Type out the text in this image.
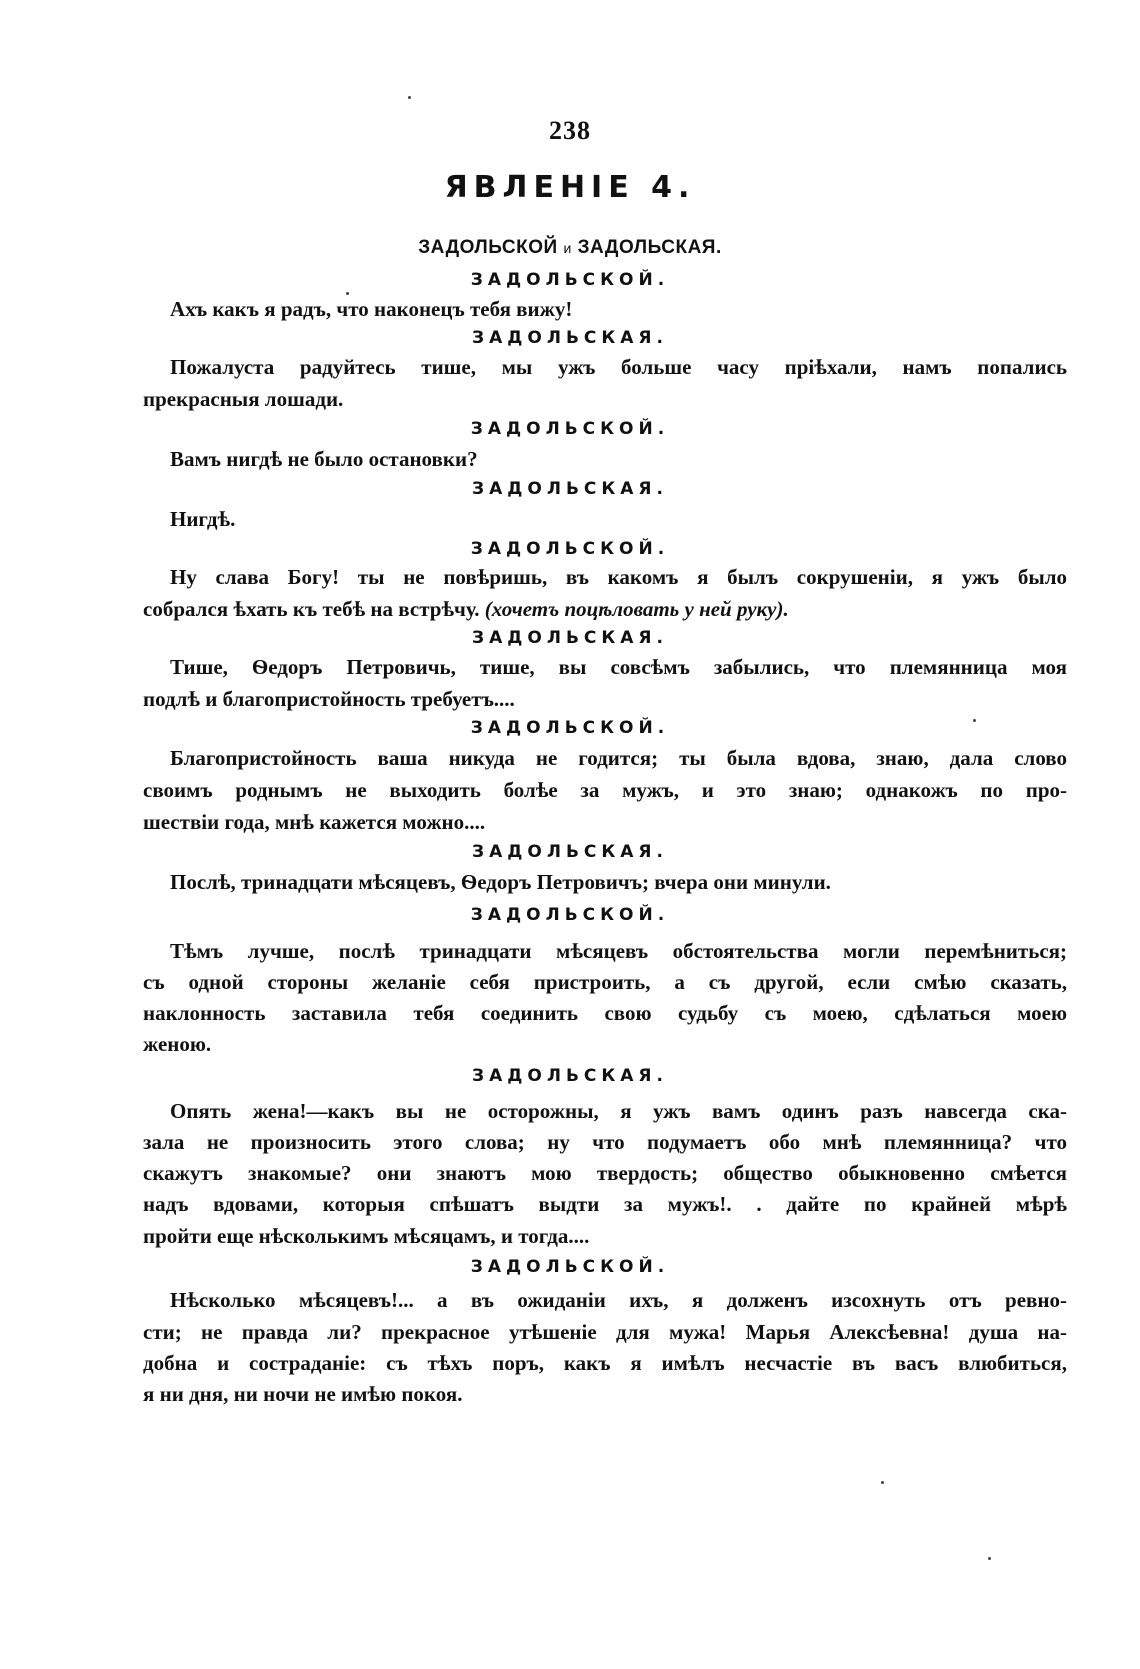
238
ЯВЛЕНІЕ 4.
ЗАДОЛЬСКОЙ и ЗАДОЛЬСКАЯ.
ЗАДОЛЬСКОЙ.
Ахъ какъ я радъ, что наконецъ тебя вижу!
ЗАДОЛЬСКАЯ.
Пожалуста радуйтесь тише, мы ужъ больше часу пріѣхали, намъ попались
прекрасныя лошади.
ЗАДОЛЬСКОЙ.
Вамъ нигдѣ не было остановки?
ЗАДОЛЬСКАЯ.
Нигдѣ.
ЗАДОЛЬСКОЙ.
Ну слава Богу! ты не повѣришь, въ какомъ я былъ сокрушеніи, я ужъ было
собрался ѣхать къ тебѣ на встрѣчу. (хочетъ поцѣловать у ней руку).
ЗАДОЛЬСКАЯ.
Тише, Ѳедоръ Петровичь, тише, вы совсѣмъ забылись, что племянница моя
подлѣ и благопристойность требуетъ....
ЗАДОЛЬСКОЙ.
Благопристойность ваша никуда не годится; ты была вдова, знаю, дала слово
своимъ роднымъ не выходить болѣе за мужъ, и это знаю; однакожъ по про-
шествіи года, мнѣ кажется можно....
ЗАДОЛЬСКАЯ.
Послѣ, тринадцати мѣсяцевъ, Ѳедоръ Петровичъ; вчера они минули.
ЗАДОЛЬСКОЙ.
Тѣмъ лучше, послѣ тринадцати мѣсяцевъ обстоятельства могли перемѣниться;
съ одной стороны желаніе себя пристроить, а съ другой, если смѣю сказать,
наклонность заставила тебя соединить свою судьбу съ моею, сдѣлаться моею
женою.
ЗАДОЛЬСКАЯ.
Опять жена!—какъ вы не осторожны, я ужъ вамъ одинъ разъ навсегда ска-
зала не произносить этого слова; ну что подумаетъ обо мнѣ племянница? что
скажутъ знакомые? они знаютъ мою твердость; общество обыкновенно смѣется
надъ вдовами, которыя спѣшатъ выдти за мужъ!. . дайте по крайней мѣрѣ
пройти еще нѣсколькимъ мѣсяцамъ, и тогда....
ЗАДОЛЬСКОЙ.
Нѣсколько мѣсяцевъ!... а въ ожиданіи ихъ, я долженъ изсохнуть отъ ревно-
сти; не правда ли? прекрасное утѣшеніе для мужа! Марья Алексѣевна! душа на-
добна и состраданіе: съ тѣхъ поръ, какъ я имѣлъ несчастіе въ васъ влюбиться,
я ни дня, ни ночи не имѣю покоя.
